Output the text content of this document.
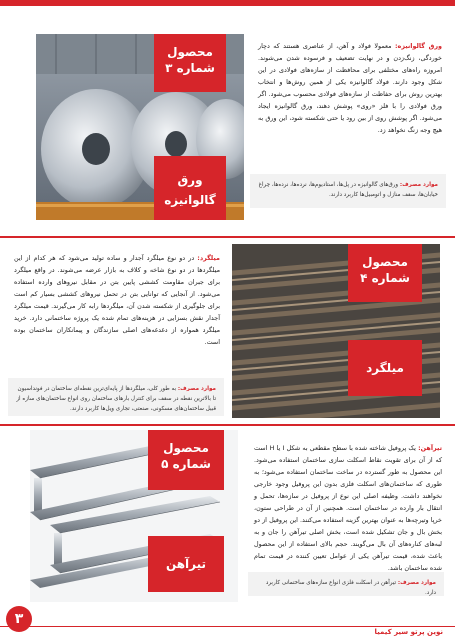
محصول
شماره ۳
ورق گالوانیزه
ورق گالوانیزه: معمولا فولاد و آهن، از عناصری هستند که دچار خوردگی، زنگ‌زدن و در نهایت تضعیف و فرسوده شدن می‌شوند. امروزه راه‌های مختلفی برای محافظت از سازه‌های فولادی در این شکل وجود دارند. فولاد گالوانیزه یکی از همین روش‌ها و انتخاب بهترین روش برای حفاظت از سازه‌های فولادی محسوب می‌شود. اگر ورق فولادی را با فلز «روی» پوشش دهند، ورق گالوانیزه ایجاد می‌شود. اگر پوشش روی از بین رود یا حتی شکسته شود، این ورق به هیچ وجه زنگ نخواهد زد.
موارد مصرف: ورق‌های گالوانیزه در پل‌ها، استادیوم‌ها، نرده‌ها، نرده‌ها، چراغ خیابان‌ها، سقف منازل و اتومبیل‌ها کاربرد دارند.
محصول
شماره ۴
میلگرد
میلگرد: در دو نوع میلگرد آجدار و ساده تولید می‌شود که هر کدام از این میلگردها در دو نوع شاخه و کلاف به بازار عرضه می‌شوند. در واقع میلگرد برای جبران مقاومت کششی پایین بتن در مقابل نیروهای وارده استفاده می‌شود. از آنجایی که توانایی بتن در تحمل نیروهای کششی بسیار کم است برای جلوگیری از شکسته شدن آن، میلگردها رابه کار می‌گیرند. قیمت میلگرد آجدار نقش بسزایی در هزینه‌های تمام شده یک پروژه ساختمانی دارد. خرید میلگرد همواره از دغدغه‌های اصلی سازندگان و پیمانکاران ساختمان بوده است.
موارد مصرف: به طور کلی، میلگردها از پایه‌ای‌ترین نقطه‌ای ساختمان در فونداسیون تا بالاترین نقطه در سقف برای کنترل بارهای ساختمان روی انواع ساختمان‌های سازه از قبیل ساختمان‌های مسکونی، صنعتی، تجاری ویل‌ها کاربرد دارند.
محصول
شماره ۵
تیرآهن
تیرآهن: یک پروفیل شاخته شده با سطح مقطعی به شکل I یا H است که از آن برای تقویت نقاط اسکلت سازی ساختمان استفاده می‌شود. این محصول به طور گسترده در ساخت ساختمان استفاده می‌شود؛ به طوری که ساختمان‌های اسکلت فلزی بدون این پروفیل وجود خارجی نخواهند داشت. وظیفه اصلی این نوع از پروفیل در سازه‌ها، تحمل و انتقال بار وارده در ساختمان است. همچنین از آن در طراحی ستون، خرپا وتیرچه‌ها به عنوان بهترین گزینه استفاده می‌کنند. این پروفیل از دو بخش بال و جان تشکیل شده است، بخش اصلی تیرآهن را جان و به لبه‌های کناره‌های آن بال می‌گویند. حجم بالای استفاده از این محصول باعث شده، قیمت تیرآهن یکی از عوامل تعیین کننده در قیمت تمام شده ساختمان باشد.
موارد مصرف: تیرآهن در اسکلت فلزی انواع سازه‌های ساختمانی کاربرد دارد.
۳
نوین پرتو سیر کیمیا
